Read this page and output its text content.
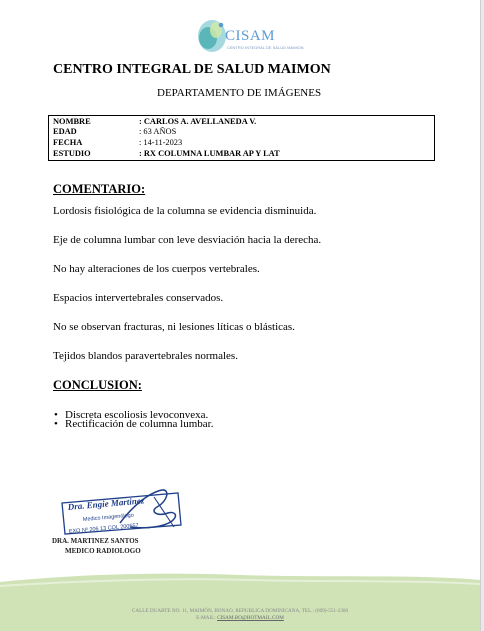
CISAM
CENTRO INTEGRAL DE SALUD MAIMON
CENTRO INTEGRAL DE SALUD MAIMON
DEPARTAMENTO DE IMÁGENES
NOMBRE	: CARLOS A. AVELLANEDA V.
EDAD	: 63 AÑOS
FECHA	: 14-11-2023
ESTUDIO	: RX COLUMNA LUMBAR AP Y LAT
COMENTARIO:
Lordosis fisiológica de la columna se evidencia disminuida.
Eje de columna lumbar con leve desviación hacia la derecha.
No hay alteraciones de los cuerpos vertebrales.
Espacios intervertebrales conservados.
No se observan fracturas, ni lesiones líticas o blásticas.
Tejidos blandos paravertebrales normales.
CONCLUSION:
• Discreta escoliosis levoconvexa.
• Rectificación de columna lumbar.
Dra. Engie Martinez
Medico Imagenólogo
EXQ Nº 206 13 COL 200557
DRA. MARTINEZ SANTOS
MEDICO RADIOLOGO
CALLE DUARTE NO. 11, MAIMÓN, BONAO, REPUBLICA DOMINICANA, TEL.: (809)-551-2300
E-MAIL: CISAM.BO@HOTMAIL.COM
